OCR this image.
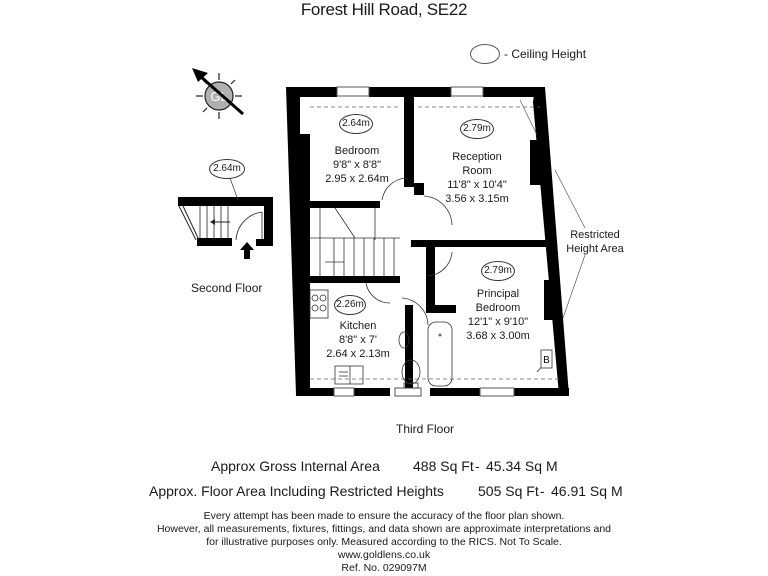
Forest Hill Road, SE22
- Ceiling Height
GL
B
2.64m
Second Floor
2.64m
Bedroom
9'8" x 8'8"
2.95 x 2.64m
2.79m
Reception
Room
11'8" x 10'4"
3.56 x 3.15m
2.26m
Kitchen
8'8" x 7'
2.64 x 2.13m
2.79m
Principal
Bedroom
12'1" x 9'10"
3.68 x 3.00m
Restricted
Height Area
Third Floor
Approx Gross Internal Area 488 Sq Ft - 45.34 Sq M
Approx. Floor Area Including Restricted Heights 505 Sq Ft - 46.91 Sq M
Every attempt has been made to ensure the accuracy of the floor plan shown.
However, all measurements, fixtures, fittings, and data shown are approximate interpretations and
for illustrative purposes only. Measured according to the RICS. Not To Scale.
www.goldlens.co.uk
Ref. No. 029097M
